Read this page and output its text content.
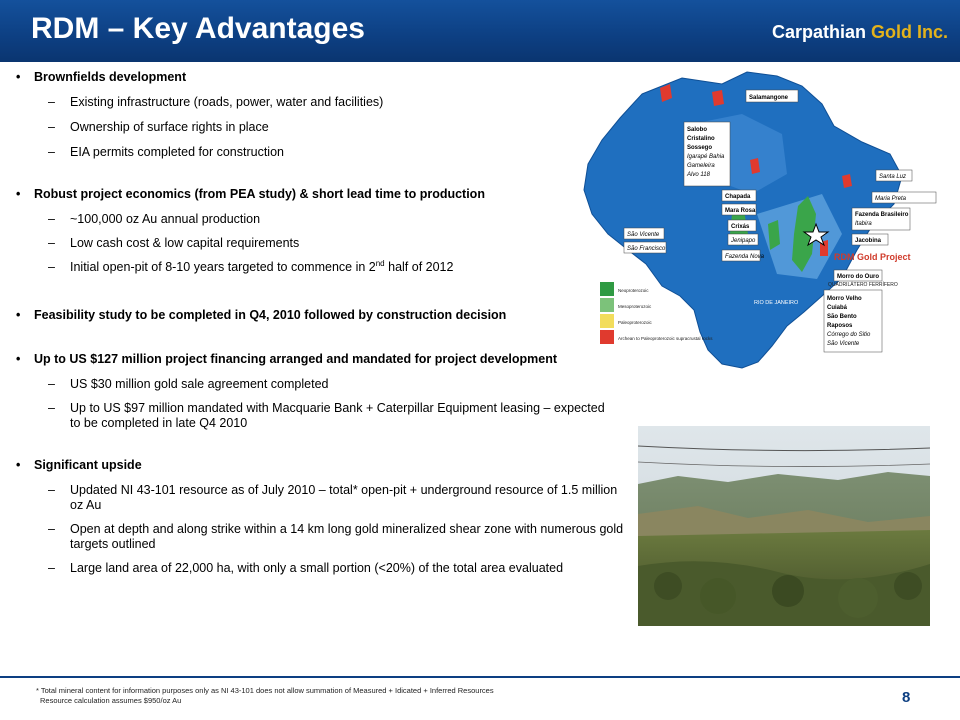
RDM – Key Advantages	Carpathian Gold Inc.
• Brownfields development
– Existing infrastructure (roads, power, water and facilities)
– Ownership of surface rights in place
– EIA permits completed for construction
• Robust project economics (from PEA study) & short lead time to production
– ~100,000 oz Au annual production
– Low cash cost & low capital requirements
– Initial open-pit of 8-10 years targeted to commence in 2nd half of 2012
• Feasibility study to be completed in Q4, 2010 followed by construction decision
• Up to US $127 million project financing arranged and mandated for project development
– US $30 million gold sale agreement completed
– Up to US $97 million mandated with Macquarie Bank + Caterpillar Equipment leasing – expected to be completed in late Q4 2010
• Significant upside
– Updated NI 43-101 resource as of July 2010 – total* open-pit + underground resource of 1.5 million oz Au
– Open at depth and along strike within a 14 km long gold mineralized shear zone with numerous gold targets outlined
– Large land area of 22,000 ha, with only a small portion (<20%) of the total area evaluated
Neoproterozoic
Mesoproterozoic
Paleoproterozoic
Archean to Paleoproterozoic supracrustal rocks
Salamangone
Salobo
Cristalino
Sossego
Igarapé Bahia
Gameleira
Alvo 118
Chapada
Mara Rosa
Crixás
Jenipapo
Fazenda Nova
São Vicente
São Francisco
Santa Luz
Maria Preta
Fazenda Brasileiro
Itabira
Jacobina
Morro do Ouro
Morro Velho
Cuiabá
São Bento
Raposos
Córrego do Sitio
São Vicente
RIO DE JANEIRO
QUADRILÁTERO FERRÍFERO
RDM Gold Project
* Total mineral content for information purposes only as NI 43-101 does not allow summation of Measured + Idicated + Inferred Resources
Resource calculation assumes $950/oz Au	8
